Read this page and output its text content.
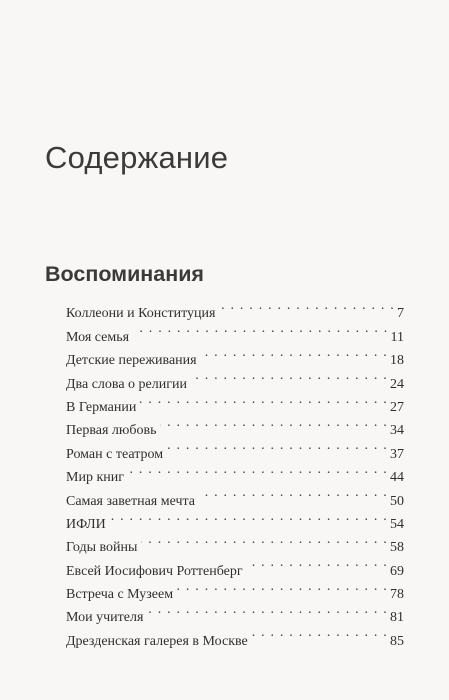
Содержание
Воспоминания
Коллеони и Конституция . . .	7
Моя семья . . .	11
Детские переживания . . .	18
Два слова о религии . . .	24
В Германии . . .	27
Первая любовь . . .	34
Роман с театром . . .	37
Мир книг . . .	44
Самая заветная мечта . . .	50
ИФЛИ . . .	54
Годы войны . . .	58
Евсей Иосифович Роттенберг . . .	69
Встреча с Музеем . . .	78
Мои учителя . . .	81
Дрезденская галерея в Москве . . .	85
